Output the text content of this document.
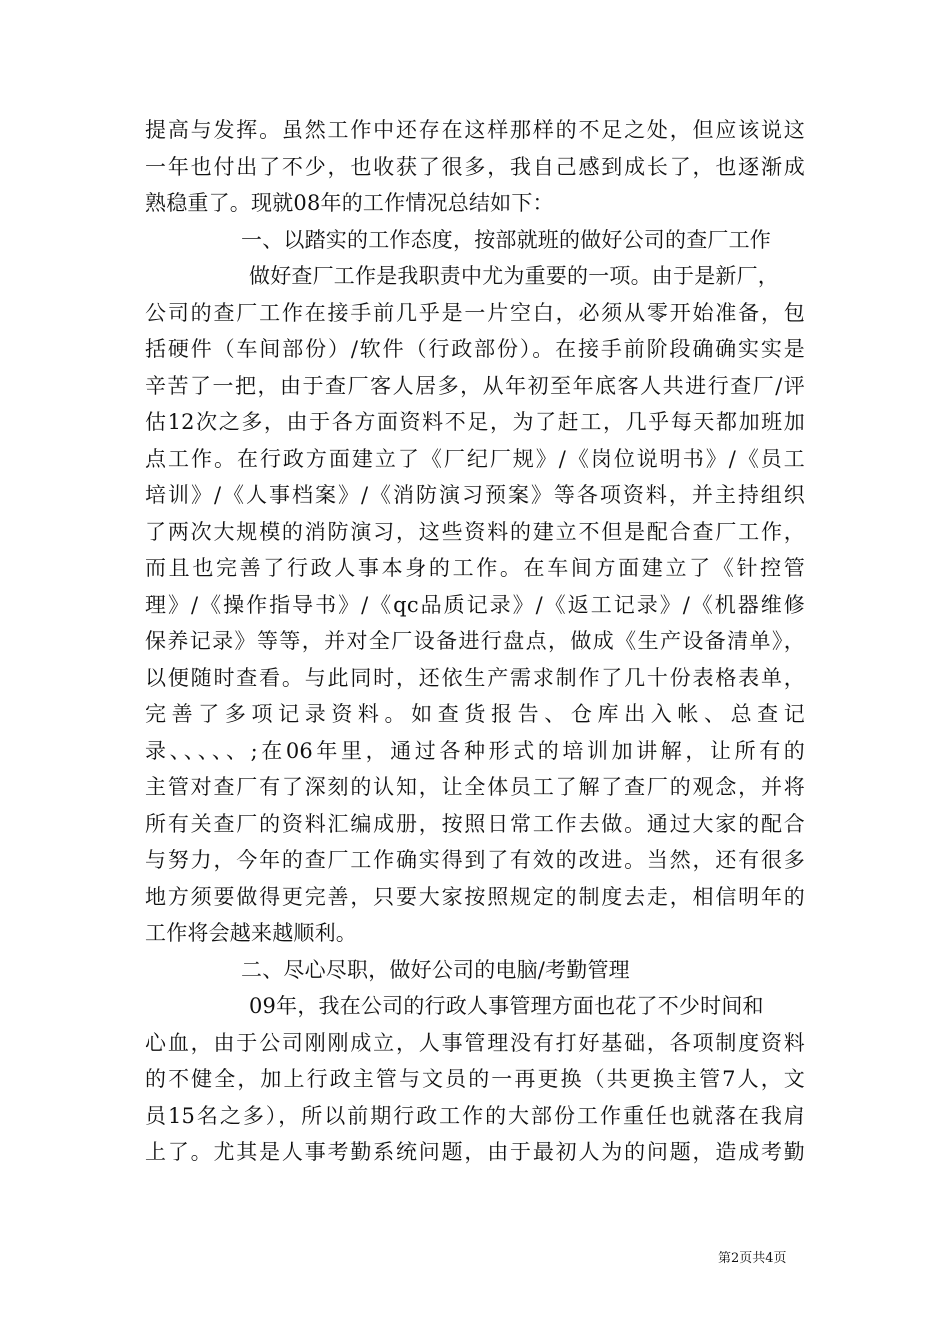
提高与发挥。虽然工作中还存在这样那样的不足之处，但应该说这
一年也付出了不少，也收获了很多，我自己感到成长了，也逐渐成
熟稳重了。现就08年的工作情况总结如下：
一、以踏实的工作态度，按部就班的做好公司的查厂工作
做好查厂工作是我职责中尤为重要的一项。由于是新厂，
公司的查厂工作在接手前几乎是一片空白，必须从零开始准备，包
括硬件（车间部份）/软件（行政部份）。在接手前阶段确确实实是
辛苦了一把，由于查厂客人居多，从年初至年底客人共进行查厂/评
估12次之多，由于各方面资料不足，为了赶工，几乎每天都加班加
点工作。在行政方面建立了《厂纪厂规》/《岗位说明书》/《员工
培训》/《人事档案》/《消防演习预案》等各项资料，并主持组织
了两次大规模的消防演习，这些资料的建立不但是配合查厂工作，
而且也完善了行政人事本身的工作。在车间方面建立了《针控管
理》/《操作指导书》/《qc品质记录》/《返工记录》/《机器维修
保养记录》等等，并对全厂设备进行盘点，做成《生产设备清单》，
以便随时查看。与此同时，还依生产需求制作了几十份表格表单，
完善了多项记录资料。如查货报告、仓库出入帐、总查记
录、、、、、;在06年里，通过各种形式的培训加讲解，让所有的
主管对查厂有了深刻的认知，让全体员工了解了查厂的观念，并将
所有关查厂的资料汇编成册，按照日常工作去做。通过大家的配合
与努力，今年的查厂工作确实得到了有效的改进。当然，还有很多
地方须要做得更完善，只要大家按照规定的制度去走，相信明年的
工作将会越来越顺利。
二、尽心尽职，做好公司的电脑/考勤管理
09年，我在公司的行政人事管理方面也花了不少时间和
心血，由于公司刚刚成立，人事管理没有打好基础，各项制度资料
的不健全，加上行政主管与文员的一再更换（共更换主管7人，文
员15名之多），所以前期行政工作的大部份工作重任也就落在我肩
上了。尤其是人事考勤系统问题，由于最初人为的问题，造成考勤
第2页共4页
